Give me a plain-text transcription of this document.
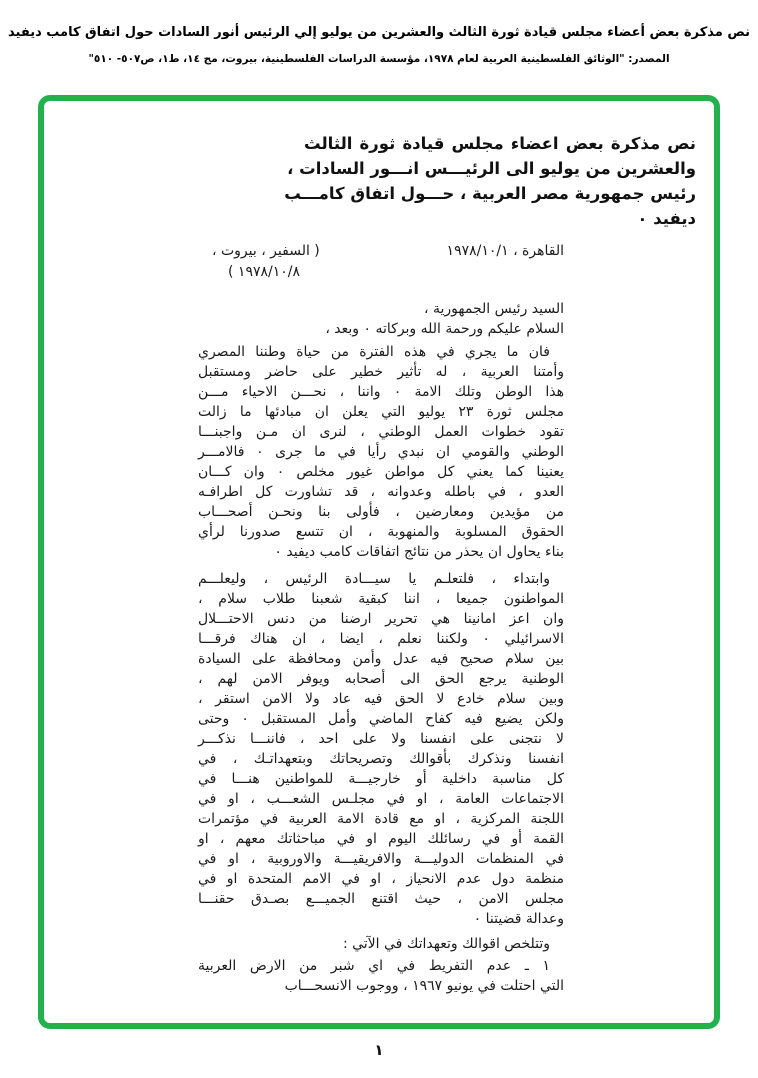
نص مذكرة بعض أعضاء مجلس قيادة ثورة الثالث والعشرين من يوليو إلي الرئيس أنور السادات حول اتفاق كامب ديفيد
المصدر: "الوثائق الفلسطينية العربية لعام ١٩٧٨، مؤسسة الدراسات الفلسطينية، بيروت، مج ١٤، ط١، ص٥٠٧- ٥١٠"
نص مذكرة بعض اعضاء مجلس قيادة ثورة الثالث
والعشرين من يوليو الى الرئيـــس انـــور السادات ،
رئيس جمهورية مصر العربية ، حـــول اتفاق كامـــب
ديفيد ٠
القاهرة ، ١٩٧٨/١٠/١
( السفير ، بيروت ،
١٩٧٨/١٠/٨ )
السيد رئيس الجمهورية ،
السلام عليكم ورحمة الله وبركاته ٠ وبعد ،
فان ما يجري في هذه الفترة من حياة وطننا المصري
وأمتنا العربية ، له تأثير خطير على حاضر ومستقبل
هذا الوطن وتلك الامة ٠ واننا ، نحـــن الاحياء مـــن
مجلس ثورة ٢٣ يوليو التي يعلن ان مبادئها ما زالت
تقود خطوات العمل الوطني ، لنرى ان مـن واجبنـــا
الوطني والقومي ان نبدي رأيا في ما جرى ٠ فالامـــر
يعنينا كما يعني كل مواطن غيور مخلص ٠ وان كـــان
العدو ، في باطله وعدوانه ، قد تشاورت كل اطرافـه
من مؤيدين ومعارضين ، فأولى بنا ونحـن أصحـــاب
الحقوق المسلوبة والمنهوبة ، ان تتسع صدورنا لرأي
بناء يحاول ان يحذر من نتائج اتفاقات كامب ديفيد ٠
وابتداء ، فلتعلـم يا سيـــادة الرئيس ، وليعلـــم
المواطنون جميعا ، اننا كبقية شعبنا طلاب سلام ،
وان اعز امانينا هي تحرير ارضنا من دنس الاحتـــلال
الاسرائيلي ٠ ولكننا نعلم ، ايضا ، ان هناك فرقـــا
بين سلام صحيح فيه عدل وأمن ومحافظة على السيادة
الوطنية يرجع الحق الى أصحابه ويوفر الامن لهم ،
وبين سلام خادع لا الحق فيه عاد ولا الامن استقر ،
ولكن يضيع فيه كفاح الماضي وأمل المستقبل ٠ وحتى
لا نتجنى على انفسنا ولا على احد ، فاننـــا نذكـــر
انفسنا ونذكرك بأقوالك وتصريحاتك وبتعهداتـك ، في
كل مناسبة داخلية أو خارجيـــة للمواطنين هنـــا في
الاجتماعات العامة ، او في مجلـس الشعـــب ، او في
اللجنة المركزية ، او مع قادة الامة العربية في مؤتمرات
القمة أو في رسائلك اليوم او في مباحثاتك معهم ، او
في المنظمات الدوليـــة والافريقيـــة والاوروبية ، او في
منظمة دول عدم الانحياز ، او في الامم المتحدة او في
مجلس الامن ، حيث اقتنع الجميـــع بصـدق حقنـــا
وعدالة قضيتنا ٠
وتتلخص اقوالك وتعهداتك في الآتي :
١ ـ عدم التفريط في اي شبر من الارض العربية
التي احتلت في يونيو ١٩٦٧ ، ووجوب الانسحـــاب
١
